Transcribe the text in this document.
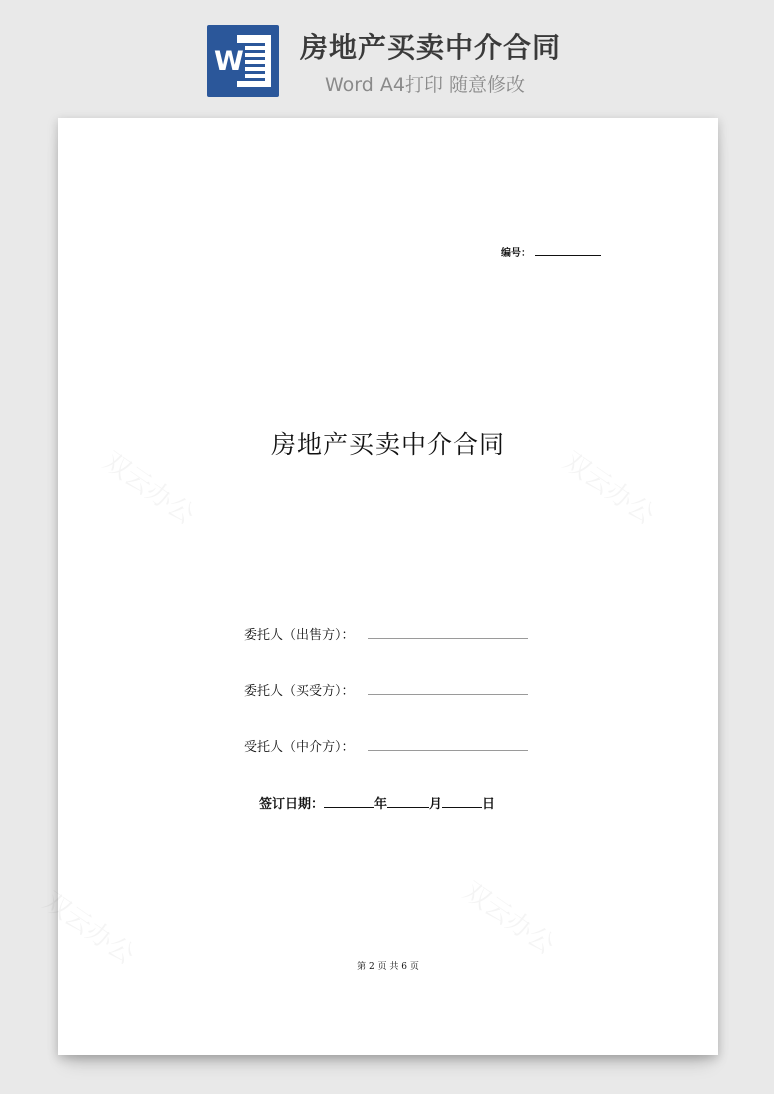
W	房地产买卖中介合同
Word A4打印 随意修改
编号：
房地产买卖中介合同
委托人（出售方）：
委托人（买受方）：
受托人（中介方）：
签订日期：	年	月	日
第 2 页 共 6 页
